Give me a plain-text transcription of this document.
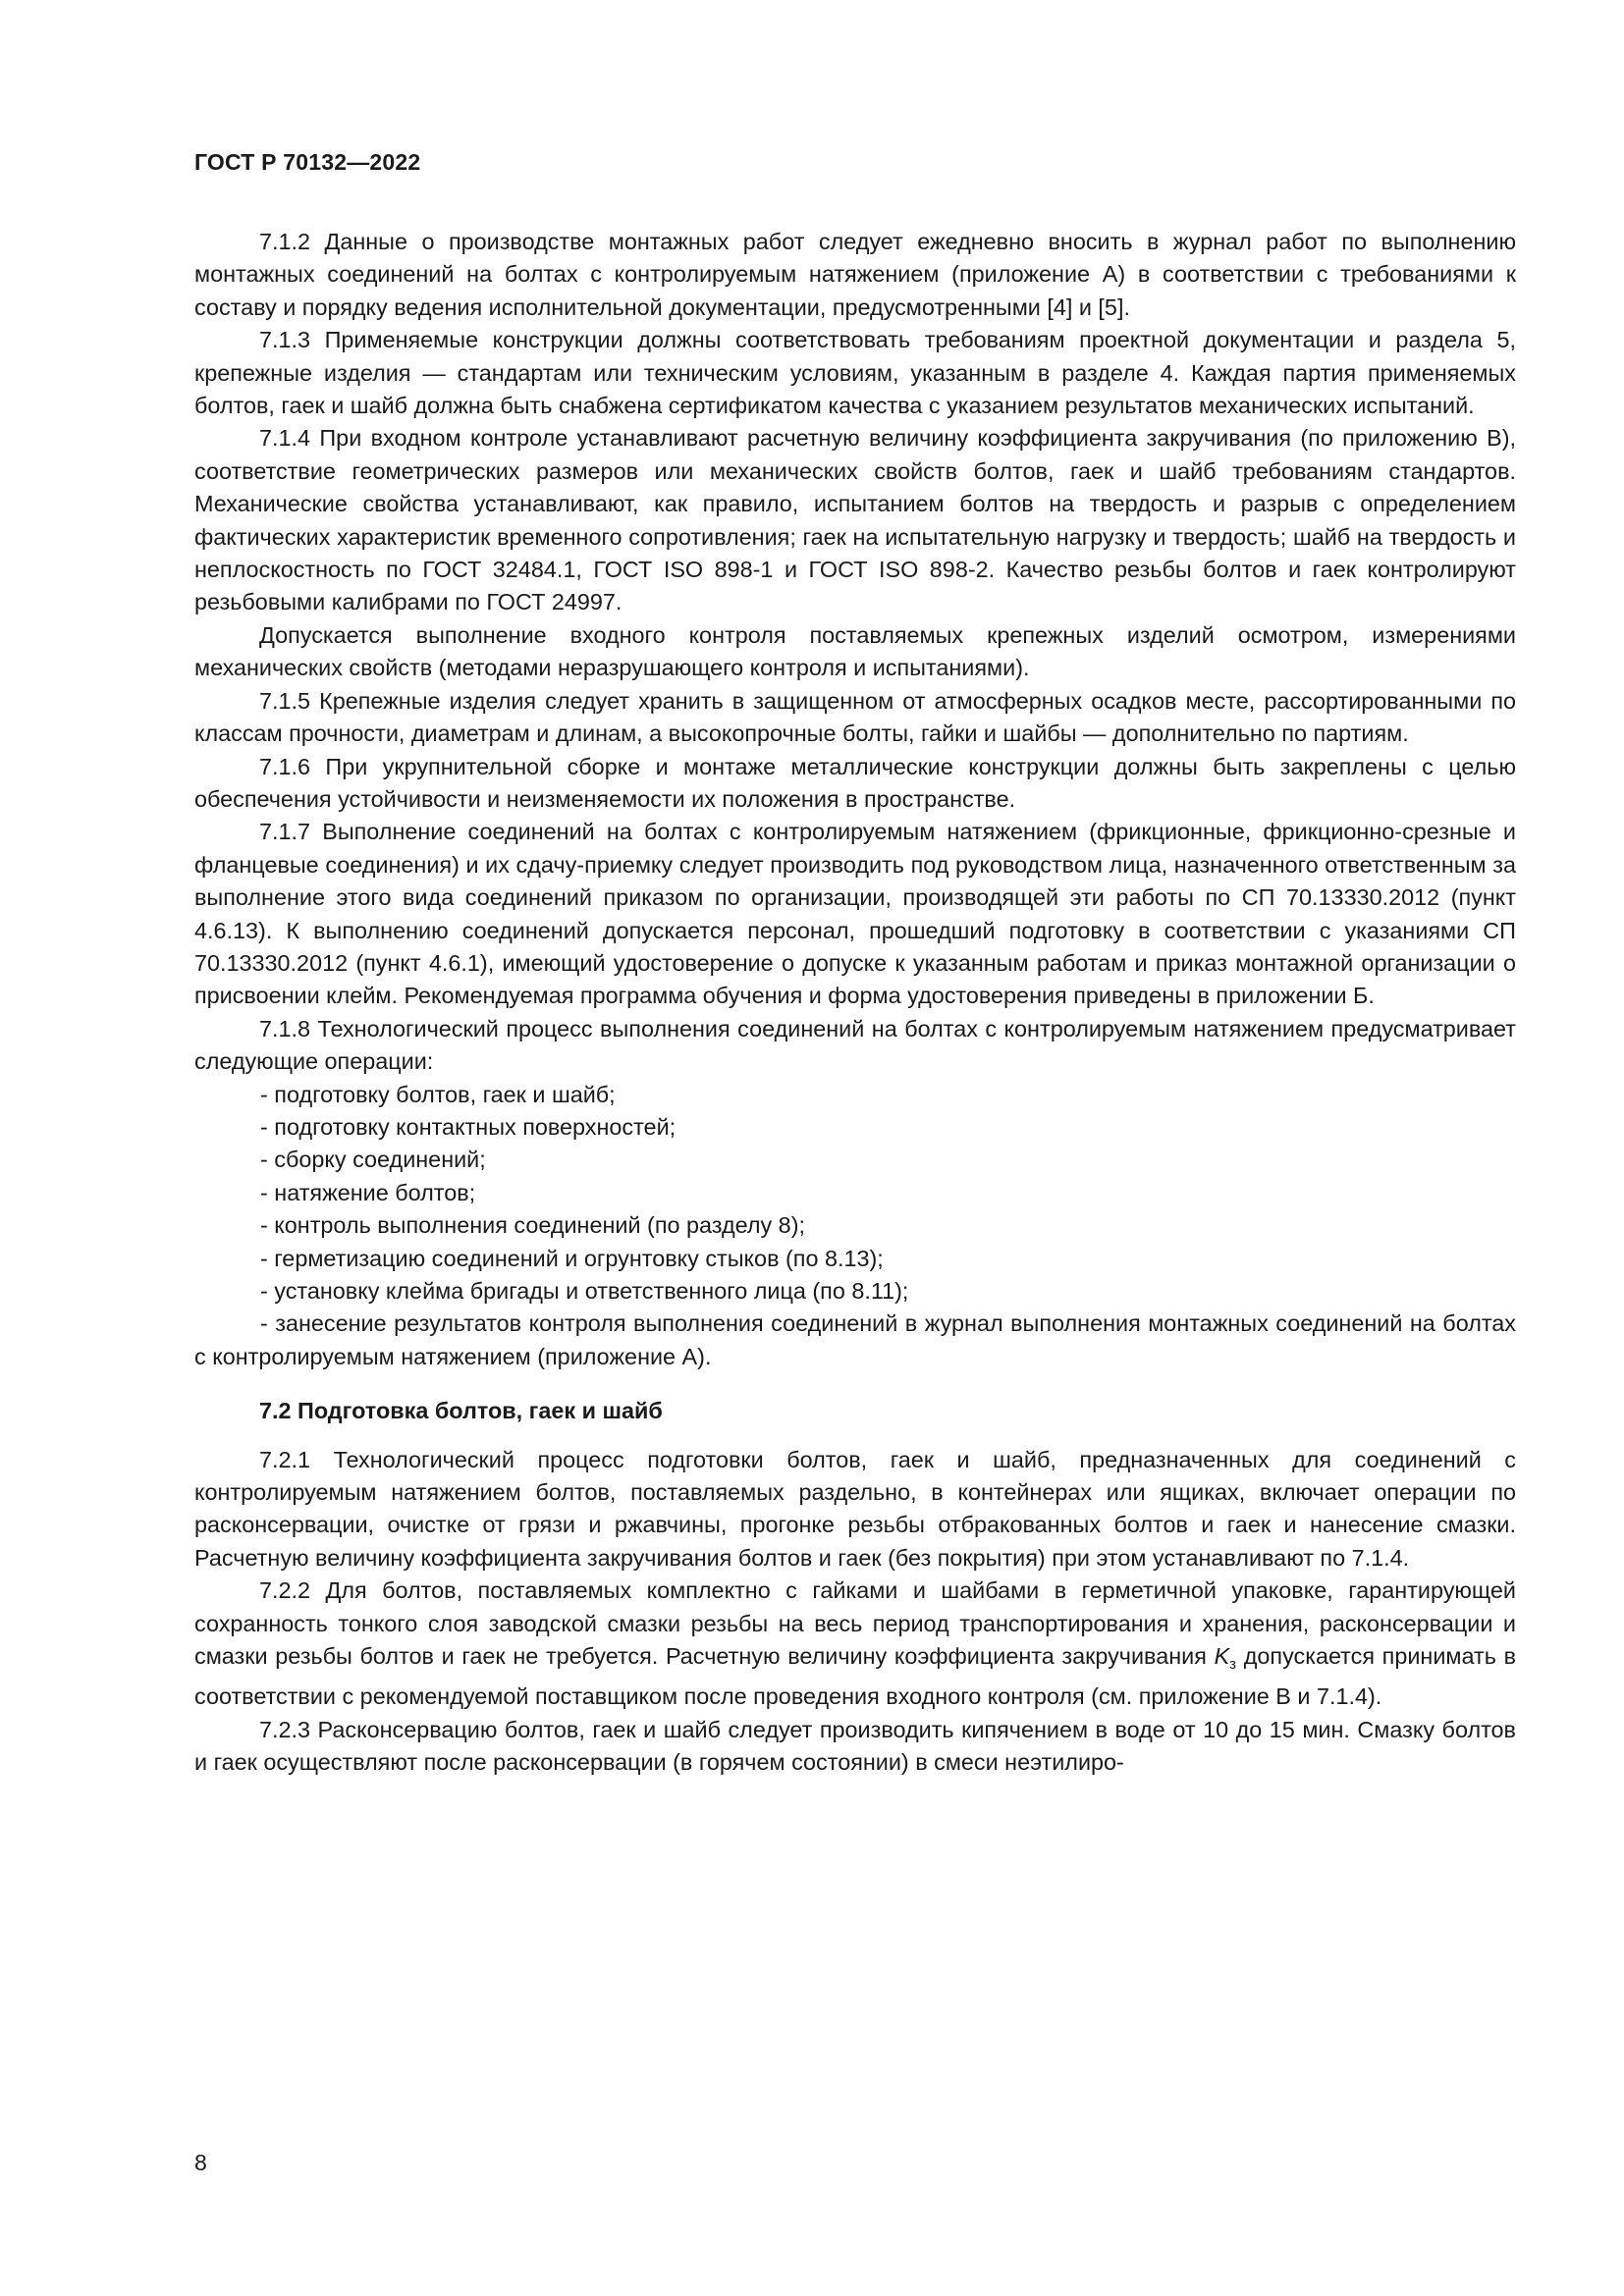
ГОСТ Р 70132—2022

7.1.2 Данные о производстве монтажных работ следует ежедневно вносить в журнал работ по выполнению монтажных соединений на болтах с контролируемым натяжением (приложение А) в соответствии с требованиями к составу и порядку ведения исполнительной документации, предусмотренными [4] и [5].

7.1.3 Применяемые конструкции должны соответствовать требованиям проектной документации и раздела 5, крепежные изделия — стандартам или техническим условиям, указанным в разделе 4. Каждая партия применяемых болтов, гаек и шайб должна быть снабжена сертификатом качества с указанием результатов механических испытаний.

7.1.4 При входном контроле устанавливают расчетную величину коэффициента закручивания (по приложению В), соответствие геометрических размеров или механических свойств болтов, гаек и шайб требованиям стандартов. Механические свойства устанавливают, как правило, испытанием болтов на твердость и разрыв с определением фактических характеристик временного сопротивления; гаек на испытательную нагрузку и твердость; шайб на твердость и неплоскостность по ГОСТ 32484.1, ГОСТ ISO 898-1 и ГОСТ ISO 898-2. Качество резьбы болтов и гаек контролируют резьбовыми калибрами по ГОСТ 24997.

Допускается выполнение входного контроля поставляемых крепежных изделий осмотром, измерениями механических свойств (методами неразрушающего контроля и испытаниями).

7.1.5 Крепежные изделия следует хранить в защищенном от атмосферных осадков месте, рассортированными по классам прочности, диаметрам и длинам, а высокопрочные болты, гайки и шайбы — дополнительно по партиям.

7.1.6 При укрупнительной сборке и монтаже металлические конструкции должны быть закреплены с целью обеспечения устойчивости и неизменяемости их положения в пространстве.

7.1.7 Выполнение соединений на болтах с контролируемым натяжением (фрикционные, фрикционно-срезные и фланцевые соединения) и их сдачу-приемку следует производить под руководством лица, назначенного ответственным за выполнение этого вида соединений приказом по организации, производящей эти работы по СП 70.13330.2012 (пункт 4.6.13). К выполнению соединений допускается персонал, прошедший подготовку в соответствии с указаниями СП 70.13330.2012 (пункт 4.6.1), имеющий удостоверение о допуске к указанным работам и приказ монтажной организации о присвоении клейм. Рекомендуемая программа обучения и форма удостоверения приведены в приложении Б.

7.1.8 Технологический процесс выполнения соединений на болтах с контролируемым натяжением предусматривает следующие операции:

- подготовку болтов, гаек и шайб;

- подготовку контактных поверхностей;

- сборку соединений;

- натяжение болтов;

- контроль выполнения соединений (по разделу 8);

- герметизацию соединений и огрунтовку стыков (по 8.13);

- установку клейма бригады и ответственного лица (по 8.11);

- занесение результатов контроля выполнения соединений в журнал выполнения монтажных соединений на болтах с контролируемым натяжением (приложение А).

7.2 Подготовка болтов, гаек и шайб

7.2.1 Технологический процесс подготовки болтов, гаек и шайб, предназначенных для соединений с контролируемым натяжением болтов, поставляемых раздельно, в контейнерах или ящиках, включает операции по расконсервации, очистке от грязи и ржавчины, прогонке резьбы отбракованных болтов и гаек и нанесение смазки. Расчетную величину коэффициента закручивания болтов и гаек (без покрытия) при этом устанавливают по 7.1.4.

7.2.2 Для болтов, поставляемых комплектно с гайками и шайбами в герметичной упаковке, гарантирующей сохранность тонкого слоя заводской смазки резьбы на весь период транспортирования и хранения, расконсервации и смазки резьбы болтов и гаек не требуется. Расчетную величину коэффициента закручивания $K_з$ допускается принимать в соответствии с рекомендуемой поставщиком после проведения входного контроля (см. приложение В и 7.1.4).

7.2.3 Расконсервацию болтов, гаек и шайб следует производить кипячением в воде от 10 до 15 мин. Смазку болтов и гаек осуществляют после расконсервации (в горячем состоянии) в смеси неэтилиро-

8
